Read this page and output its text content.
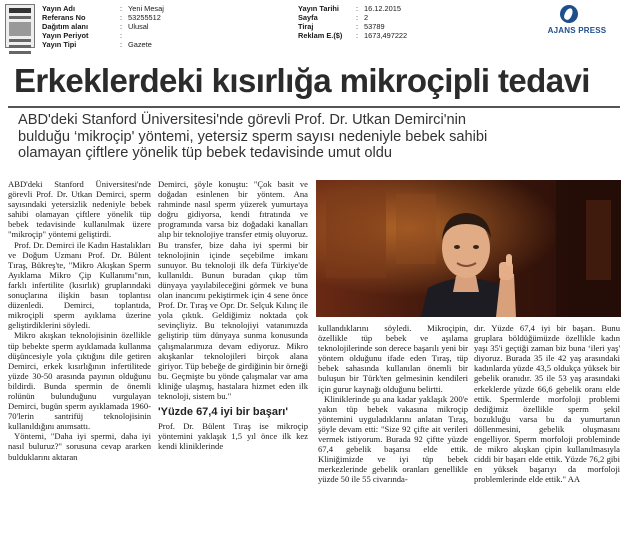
Yayın Adı	: Yeni Mesaj
Referans No	: 53255512
Dağıtım alanı	: Ulusal
Yayın Periyot	:
Yayın Tipi	: Gazete
Yayın Tarihi	: 16.12.2015
Sayfa	: 2
Tiraj	: 53789
Reklam E.($)	: 1673,497222
AJANS PRESS
Erkeklerdeki kısırlığa mikroçipli tedavi
ABD'deki Stanford Üniversitesi'nde görevli Prof. Dr. Utkan Demirci'nin
bulduğu ‘mikroçip' yöntemi, yetersiz sperm sayısı nedeniyle bebek sahibi
olamayan çiftlere yönelik tüp bebek tedavisinde umut oldu

ABD'deki Stanford Üniversitesi'nde görevli Prof. Dr. Utkan Demirci, sperm sayısındaki yetersizlik nedeniyle bebek sahibi olamayan çiftlere yönelik tüp bebek tedavisinde kullanılmak üzere "mikroçip" yöntemi geliştirdi.

Prof. Dr. Demirci ile Kadın Hastalıkları ve Doğum Uzmanı Prof. Dr. Bülent Tıraş, Bükreş'te, "Mikro Akışkan Sperm Ayıklama Mikro Çip Kullanımı"nın, farklı infertilite (kısırlık) gruplarındaki sonuçlarına ilişkin basın toplantısı düzenledi. Demirci, toplantıda, mikroçipli sperm ayıklama üzerine geliştirdiklerini söyledi.

Mikro akışkan teknolojisinin özellikle tüp bebekte sperm ayıklamada kullanma düşüncesiyle yola çıktığını dile getiren Demirci, erkek kısırlığının infertilitede yüzde 30-50 arasında payının olduğunu bildirdi. Bunda spermin de önemli rolünün bulunduğunu vurgulayan Demirci, bugün sperm ayıklamada 1960-70'lerin santrifüj teknolojisinin kullanıldığını anımsattı.

Yöntemi, "Daha iyi spermi, daha iyi nasıl buluruz?" sorusuna cevap ararken bulduklarını aktaran

Demirci, şöyle konuştu: "Çok basit ve doğadan esinlenen bir yöntem. Ana rahminde nasıl sperm yüzerek yumurtaya doğru gidiyorsa, kendi fıtratında ve programında varsa biz doğadaki kanalları alıp bir teknolojiye transfer etmiş oluyoruz. Bu transfer, bize daha iyi spermi bir teknolojinin içinde seçebilme imkanı sunuyor. Bu teknoloji ilk defa Türkiye'de kullanıldı. Bunun buradan çıkıp tüm dünyaya yayılabileceğini görmek ve buna olan inancımı pekiştirmek için 4 sene önce Prof. Dr. Tıraş ve Opr. Dr. Selçuk Kılınç ile yola çıktık. Geldiğimiz noktada çok sevinçliyiz. Bu teknolojiyi vatanımızda geliştirip tüm dünyaya sunma konusunda çalışmalarımıza devam ediyoruz. Mikro akışkanlar teknolojileri birçok alana giriyor. Tüp bebeğe de girdiğinin bir örneği bu. Geçmişte bu yönde çalışmalar var ama kliniğe ulaşmış, hastalara hizmet eden ilk teknoloji, sistem bu."

'Yüzde 67,4 iyi bir başarı'

Prof. Dr. Bülent Tıraş ise mikroçip yöntemini yaklaşık 1,5 yıl önce ilk kez kendi kliniklerinde

kullandıklarını söyledi. Mikroçipin, özellikle tüp bebek ve aşılama teknolojilerinde son derece başarılı yeni bir yöntem olduğunu ifade eden Tıraş, tüp bebek sahasında kullanılan önemli bir buluşun bir Türk'ten gelmesinin kendileri için gurur kaynağı olduğunu belirtti.

Kliniklerinde şu ana kadar yaklaşık 200'e yakın tüp bebek vakasına mikroçip yöntemini uyguladıklarını anlatan Tıraş, şöyle devam etti: "Size 92 çifte ait verileri vermek istiyorum. Burada 92 çiftte yüzde 67,4 gebelik başarısı elde ettik. Kliniğimizde ve iyi tüp bebek merkezlerinde gebelik oranları genellikle yüzde 50 ile 55 civarında-

dır. Yüzde 67,4 iyi bir başarı. Bunu gruplara böldüğümüzde özellikle kadın yaşı 35'i geçtiği zaman biz buna ‘ileri yaş' diyoruz. Burada 35 ile 42 yaş arasındaki kadınlarda yüzde 43,5 oldukça yüksek bir gebelik oranıdır. 35 ile 53 yaş arasındaki erkeklerde yüzde 66,6 gebelik oranı elde ettik. Spermlerde morfoloji problemi dediğimiz özellikle sperm şekil bozukluğu varsa bu da yumurtanın döllenmesini, gebelik oluşmasını engelliyor. Sperm morfoloji probleminde de mikro akışkan çipin kullanılmasıyla ciddi bir başarı elde ettik. Yüzde 76,2 gibi en yüksek başarıyı da morfoloji problemlerinde elde ettik." AA
